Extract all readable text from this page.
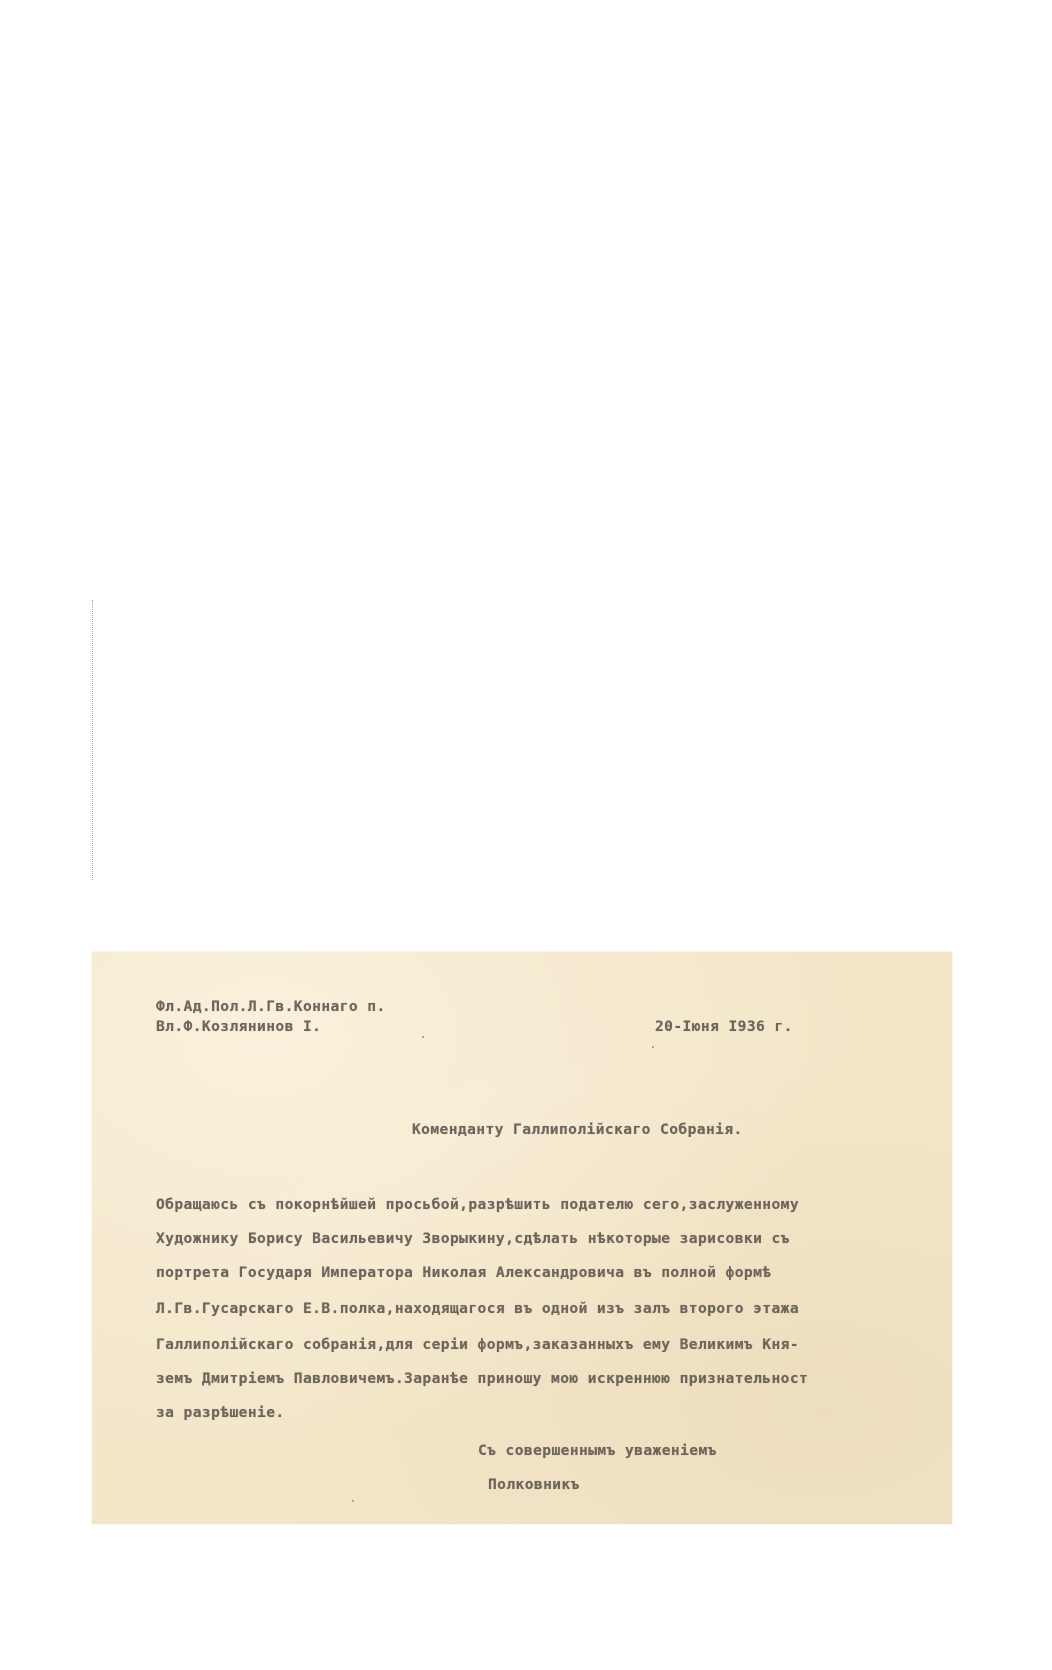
Фл.Ад.Пол.Л.Гв.Коннаго п.
Вл.Ф.Козлянинов I.	20-Іюня I936 г.
Коменданту Галлиполійскаго Собранія.
Обращаюсь съ покорнѣйшей просьбой,разрѣшить подателю сего,заслуженному
Художнику Борису Васильевичу Зворыкину,сдѣлать нѣкоторые зарисовки съ
портрета Государя Императора Николая Александровича въ полной формѣ
Л.Гв.Гусарскаго Е.В.полка,находящагося въ одной изъ залъ второго этажа
Галлиполійскаго собранія,для серіи формъ,заказанныхъ ему Великимъ Кня-
земъ Дмитріемъ Павловичемъ.Заранѣе приношу мою искреннюю признательност
за разрѣшеніе.
Съ совершеннымъ уваженіемъ
Полковникъ
